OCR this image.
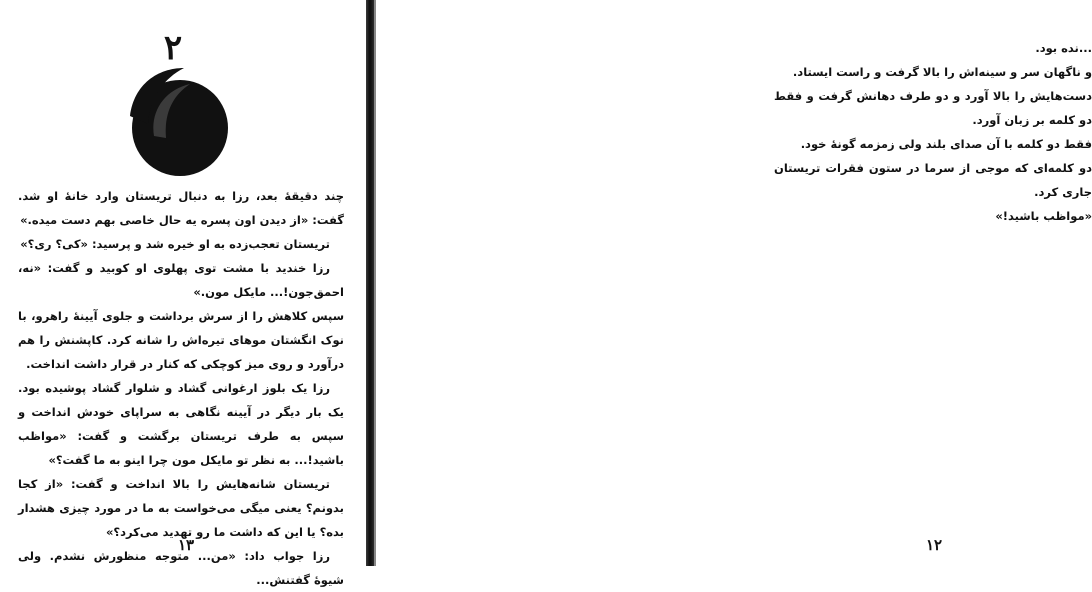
۲

چند دقیقهٔ بعد، رزا به دنبال تریستان وارد خانهٔ او شد. گفت: «از دیدن اون پسره یه حال خاصی بهم دست میده.»

تریستان تعجب‌زده به او خیره شد و پرسید: «کی؟ ری؟»

رزا خندید با مشت توی پهلوی او کوبید و گفت: «نه، احمق‌جون!... مایکل مون.»

سپس کلاهش را از سرش برداشت و جلوی آیینهٔ راهرو، با نوک انگشتان موهای تیره‌اش را شانه کرد. کاپشنش را هم درآورد و روی میز کوچکی که کنار در قرار داشت انداخت.

رزا یک بلوز ارغوانی گشاد و شلوار گشاد پوشیده بود. یک بار دیگر در آیینه نگاهی به سراپای خودش انداخت و سپس به طرف تریستان برگشت و گفت: «مواظب باشید!... به نظر تو مایکل مون چرا اینو به ما گفت؟»

تریستان شانه‌هایش را بالا انداخت و گفت: «از کجا بدونم؟ یعنی میگی می‌خواست به ما در مورد چیزی هشدار بده؟ یا این که داشت ما رو تهدید می‌کرد؟»

رزا جواب داد: «من... متوجه منظورش نشدم. ولی شیوهٔ گفتنش...

۱۳

...نده بود.

و ناگهان سر و سینه‌اش را بالا گرفت و راست ایستاد.

دست‌هایش را بالا آورد و دو طرف دهانش گرفت و فقط دو کلمه بر زبان آورد.

فقط دو کلمه با آن صدای بلند ولی زمزمه گونهٔ خود.

دو کلمه‌ای که موجی از سرما در ستون فقرات تریستان جاری کرد.

«مواظب باشید!»

۱۲
